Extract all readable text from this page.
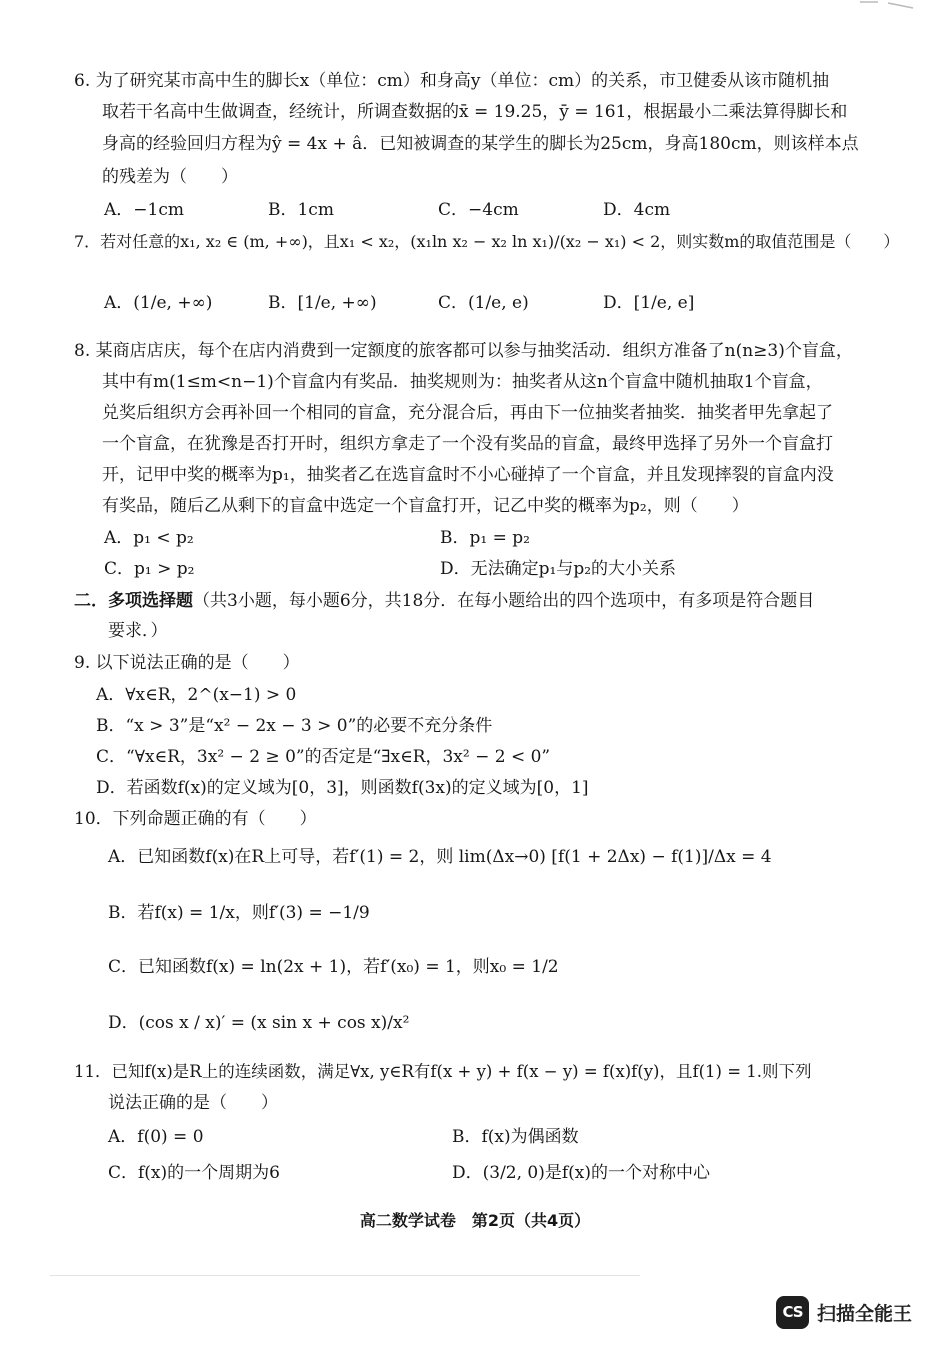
6. 为了研究某市高中生的脚长x（单位：cm）和身高y（单位：cm）的关系，市卫健委从该市随机抽
取若干名高中生做调查，经统计，所调查数据的x̄ = 19.25，ȳ = 161，根据最小二乘法算得脚长和
身高的经验回归方程为ŷ = 4x + â．已知被调查的某学生的脚长为25cm，身高180cm，则该样本点
的残差为（　　）
A．−1cm	B．1cm	C．−4cm	D．4cm
7．若对任意的x₁, x₂ ∈ (m, +∞)，且x₁ < x₂，(x₁ln x₂ − x₂ ln x₁)/(x₂ − x₁) < 2，则实数m的取值范围是（　　）
A．(1/e, +∞)	B．[1/e, +∞)	C．(1/e, e)	D．[1/e, e]
8. 某商店店庆，每个在店内消费到一定额度的旅客都可以参与抽奖活动．组织方准备了n(n≥3)个盲盒，
其中有m(1≤m<n−1)个盲盒内有奖品．抽奖规则为：抽奖者从这n个盲盒中随机抽取1个盲盒，
兑奖后组织方会再补回一个相同的盲盒，充分混合后，再由下一位抽奖者抽奖．抽奖者甲先拿起了
一个盲盒，在犹豫是否打开时，组织方拿走了一个没有奖品的盲盒，最终甲选择了另外一个盲盒打
开，记甲中奖的概率为p₁，抽奖者乙在选盲盒时不小心碰掉了一个盲盒，并且发现摔裂的盲盒内没
有奖品，随后乙从剩下的盲盒中选定一个盲盒打开，记乙中奖的概率为p₂，则（　　）
A．p₁ < p₂	B．p₁ = p₂
C．p₁ > p₂	D．无法确定p₁与p₂的大小关系
二．多项选择题（共3小题，每小题6分，共18分．在每小题给出的四个选项中，有多项是符合题目
要求．）
9. 以下说法正确的是（　　）
A．∀x∈R，2^(x−1) > 0
B．“x > 3”是“x² − 2x − 3 > 0”的必要不充分条件
C．“∀x∈R，3x² − 2 ≥ 0”的否定是“∃x∈R，3x² − 2 < 0”
D．若函数f(x)的定义域为[0，3]，则函数f(3x)的定义域为[0，1]
10．下列命题正确的有（　　）
A．已知函数f(x)在R上可导，若f′(1) = 2，则 lim(Δx→0) [f(1 + 2Δx) − f(1)]/Δx = 4
B．若f(x) = 1/x，则f′(3) = −1/9
C．已知函数f(x) = ln(2x + 1)，若f′(x₀) = 1，则x₀ = 1/2
D．(cos x / x)′ = (x sin x + cos x)/x²
11．已知f(x)是R上的连续函数，满足∀x, y∈R有f(x + y) + f(x − y) = f(x)f(y)，且f(1) = 1.则下列
说法正确的是（　　）
A．f(0) = 0	B．f(x)为偶函数
C．f(x)的一个周期为6	D．(3/2, 0)是f(x)的一个对称中心
高二数学试卷　第2页（共4页）
CS 扫描全能王
